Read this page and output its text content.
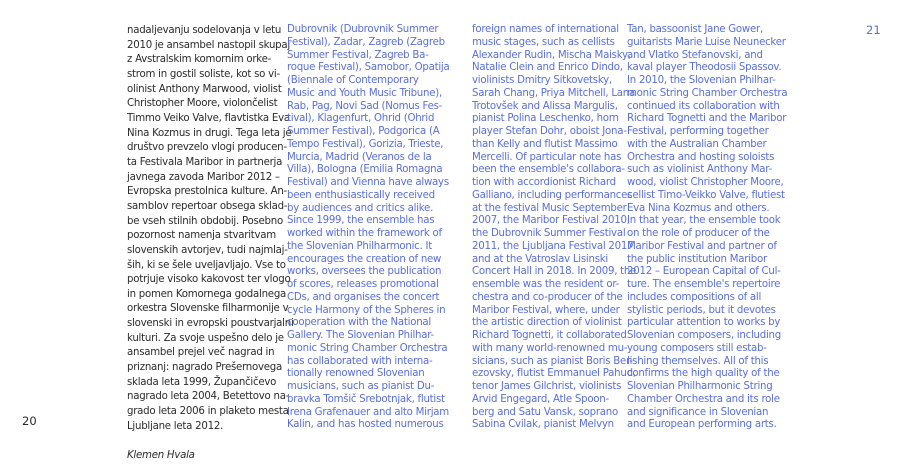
nadaljevanju sodelovanja v letu
2010 je ansambel nastopil skupaj
z Avstralskim komornim orke-
strom in gostil soliste, kot so vi-
olinist Anthony Marwood, violist
Christopher Moore, violončelist
Timmo Veiko Valve, flavtistka Eva
Nina Kozmus in drugi. Tega leta je
društvo prevzelo vlogi producen-
ta Festivala Maribor in partnerja
javnega zavoda Maribor 2012 –
Evropska prestolnica kulture. An-
samblov repertoar obsega sklad-
be vseh stilnih obdobij. Posebno
pozornost namenja stvaritvam
slovenskih avtorjev, tudi najmlaj-
ših, ki se šele uveljavljajo. Vse to
potrjuje visoko kakovost ter vlogo
in pomen Komornega godalnega
orkestra Slovenske filharmonije v
slovenski in evropski poustvarjalni
kulturi. Za svoje uspešno delo je
ansambel prejel več nagrad in
priznanj: nagrado Prešernovega
sklada leta 1999, Župančičevo
nagrado leta 2004, Betettovo na-
grado leta 2006 in plaketo mesta
Ljubljane leta 2012.
Klemen Hvala
Dubrovnik (Dubrovnik Summer
Festival), Zadar, Zagreb (Zagreb
Summer Festival, Zagreb Ba-
roque Festival), Samobor, Opatija
(Biennale of Contemporary
Music and Youth Music Tribune),
Rab, Pag, Novi Sad (Nomus Fes-
tival), Klagenfurt, Ohrid (Ohrid
Summer Festival), Podgorica (A
Tempo Festival), Gorizia, Trieste,
Murcia, Madrid (Veranos de la
Villa), Bologna (Emilia Romagna
Festival) and Vienna have always
been enthusiastically received
by audiences and critics alike.
Since 1999, the ensemble has
worked within the framework of
the Slovenian Philharmonic. It
encourages the creation of new
works, oversees the publication
of scores, releases promotional
CDs, and organises the concert
cycle Harmony of the Spheres in
cooperation with the National
Gallery. The Slovenian Philhar-
monic String Chamber Orchestra
has collaborated with interna-
tionally renowned Slovenian
musicians, such as pianist Du-
bravka Tomšič Srebotnjak, flutist
Irena Grafenauer and alto Mirjam
Kalin, and has hosted numerous
foreign names of international
music stages, such as cellists
Alexander Rudin, Mischa Maisky,
Natalie Clein and Enrico Dindo,
violinists Dmitry Sitkovetsky,
Sarah Chang, Priya Mitchell, Lana
Trotovšek and Alissa Margulis,
pianist Polina Leschenko, horn
player Stefan Dohr, oboist Jona-
than Kelly and flutist Massimo
Mercelli. Of particular note has
been the ensemble's collabora-
tion with accordionist Richard
Galliano, including performances
at the festival Music September
2007, the Maribor Festival 2010,
the Dubrovnik Summer Festival
2011, the Ljubljana Festival 2017
and at the Vatroslav Lisinski
Concert Hall in 2018. In 2009, the
ensemble was the resident or-
chestra and co-producer of the
Maribor Festival, where, under
the artistic direction of violinist
Richard Tognetti, it collaborated
with many world-renowned mu-
sicians, such as pianist Boris Ber-
ezovsky, flutist Emmanuel Pahud,
tenor James Gilchrist, violinists
Arvid Engegard, Atle Spoon-
berg and Satu Vansk, soprano
Sabina Cvilak, pianist Melvyn
Tan, bassoonist Jane Gower,
guitarists Marie Luise Neunecker
and Vlatko Stefanovski, and
kaval player Theodosii Spassov.
In 2010, the Slovenian Philhar-
monic String Chamber Orchestra
continued its collaboration with
Richard Tognetti and the Maribor
Festival, performing together
with the Australian Chamber
Orchestra and hosting soloists
such as violinist Anthony Mar-
wood, violist Christopher Moore,
cellist Timo-Veikko Valve, flutiest
Eva Nina Kozmus and others.
In that year, the ensemble took
on the role of producer of the
Maribor Festival and partner of
the public institution Maribor
2012 – European Capital of Cul-
ture. The ensemble's repertoire
includes compositions of all
stylistic periods, but it devotes
particular attention to works by
Slovenian composers, including
young composers still estab-
lishing themselves. All of this
confirms the high quality of the
Slovenian Philharmonic String
Chamber Orchestra and its role
and significance in Slovenian
and European performing arts.
20
21
